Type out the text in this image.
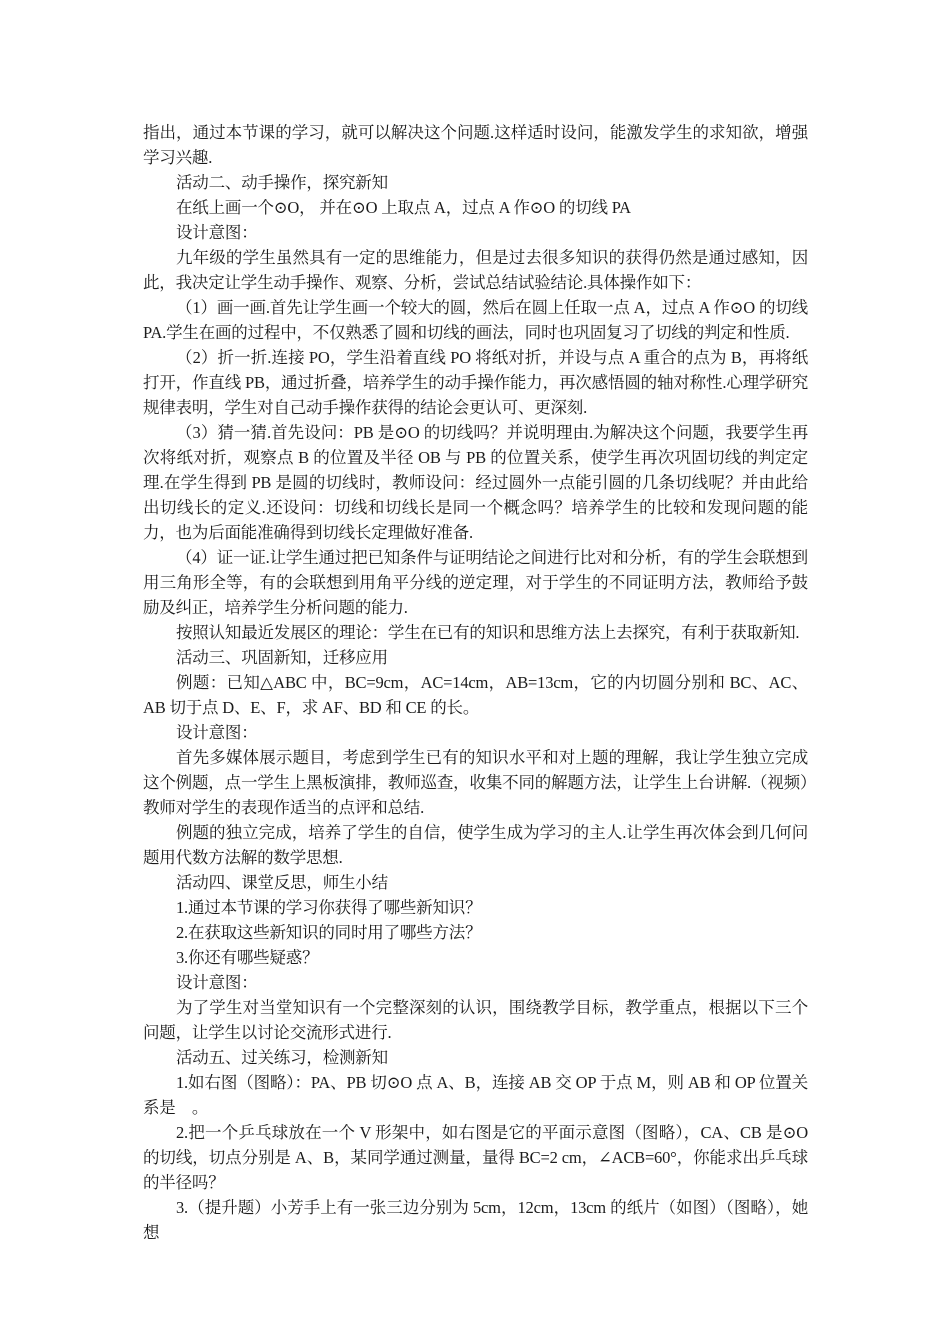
指出，通过本节课的学习，就可以解决这个问题.这样适时设问，能激发学生的求知欲，增强学习兴趣.

活动二、动手操作，探究新知

在纸上画一个⊙O， 并在⊙O 上取点 A，过点 A 作⊙O 的切线 PA

设计意图：

九年级的学生虽然具有一定的思维能力，但是过去很多知识的获得仍然是通过感知，因此，我决定让学生动手操作、观察、分析，尝试总结试验结论.具体操作如下：

（1）画一画.首先让学生画一个较大的圆，然后在圆上任取一点 A，过点 A 作⊙O 的切线 PA.学生在画的过程中，不仅熟悉了圆和切线的画法，同时也巩固复习了切线的判定和性质.

（2）折一折.连接 PO，学生沿着直线 PO 将纸对折，并设与点 A 重合的点为 B，再将纸打开，作直线 PB，通过折叠，培养学生的动手操作能力，再次感悟圆的轴对称性.心理学研究规律表明，学生对自己动手操作获得的结论会更认可、更深刻.

（3）猜一猜.首先设问：PB 是⊙O 的切线吗？并说明理由.为解决这个问题，我要学生再次将纸对折，观察点 B 的位置及半径 OB 与 PB 的位置关系，使学生再次巩固切线的判定定理.在学生得到 PB 是圆的切线时，教师设问：经过圆外一点能引圆的几条切线呢？并由此给出切线长的定义.还设问：切线和切线长是同一个概念吗？培养学生的比较和发现问题的能力，也为后面能准确得到切线长定理做好准备.

（4）证一证.让学生通过把已知条件与证明结论之间进行比对和分析，有的学生会联想到用三角形全等，有的会联想到用角平分线的逆定理，对于学生的不同证明方法，教师给予鼓励及纠正，培养学生分析问题的能力.

按照认知最近发展区的理论：学生在已有的知识和思维方法上去探究，有利于获取新知.

活动三、巩固新知，迁移应用

例题：已知△ABC 中，BC=9cm，AC=14cm，AB=13cm，它的内切圆分别和 BC、AC、AB 切于点 D、E、F，求 AF、BD 和 CE 的长。

设计意图：

首先多媒体展示题目，考虑到学生已有的知识水平和对上题的理解，我让学生独立完成这个例题，点一学生上黑板演排，教师巡查，收集不同的解题方法，让学生上台讲解.（视频）教师对学生的表现作适当的点评和总结.

例题的独立完成，培养了学生的自信，使学生成为学习的主人.让学生再次体会到几何问题用代数方法解的数学思想.

活动四、课堂反思，师生小结

1.通过本节课的学习你获得了哪些新知识？

2.在获取这些新知识的同时用了哪些方法？

3.你还有哪些疑惑？

设计意图：

为了学生对当堂知识有一个完整深刻的认识，围绕教学目标，教学重点，根据以下三个问题，让学生以讨论交流形式进行.

活动五、过关练习，检测新知

1.如右图（图略）：PA、PB 切⊙O 点 A、B，连接 AB 交 OP 于点 M，则 AB 和 OP 位置关系是　。

2.把一个乒乓球放在一个 V 形架中，如右图是它的平面示意图（图略），CA、CB 是⊙O 的切线，切点分别是 A、B，某同学通过测量，量得 BC=2 cm，∠ACB=60°，你能求出乒乓球的半径吗？

3.（提升题）小芳手上有一张三边分别为 5cm，12cm，13cm 的纸片（如图）（图略），她想
